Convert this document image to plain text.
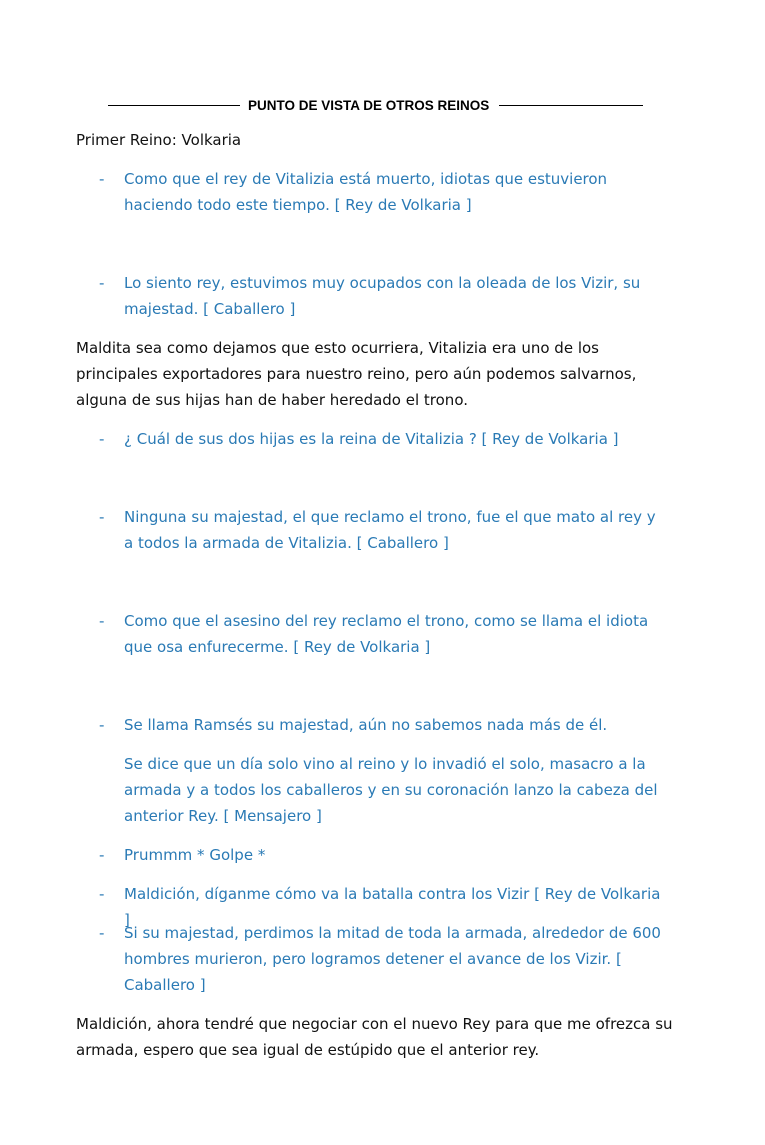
PUNTO DE VISTA DE OTROS REINOS
Primer Reino: Volkaria
- Como que el rey de Vitalizia está muerto, idiotas que estuvieron haciendo todo este tiempo. [ Rey de Volkaria ]
- Lo siento rey, estuvimos muy ocupados con la oleada de los Vizir, su majestad. [ Caballero ]
Maldita sea como dejamos que esto ocurriera, Vitalizia era uno de los principales exportadores para nuestro reino, pero aún podemos salvarnos, alguna de sus hijas han de haber heredado el trono.
- ¿ Cuál de sus dos hijas es la reina de Vitalizia ? [ Rey de Volkaria ]
- Ninguna su majestad, el que reclamo el trono, fue el que mato al rey y a todos la armada de Vitalizia. [ Caballero ]
- Como que el asesino del rey reclamo el trono, como se llama el idiota que osa enfurecerme. [ Rey de Volkaria ]
- Se llama Ramsés su majestad, aún no sabemos nada más de él.
Se dice que un día solo vino al reino y lo invadió el solo, masacro a la armada y a todos los caballeros y en su coronación lanzo la cabeza del anterior Rey. [ Mensajero ]
- Prummm * Golpe *
- Maldición, díganme cómo va la batalla contra los Vizir [ Rey de Volkaria ]
- Si su majestad, perdimos la mitad de toda la armada, alrededor de 600 hombres murieron, pero logramos detener el avance de los Vizir. [ Caballero ]
Maldición, ahora tendré que negociar con el nuevo Rey para que me ofrezca su armada, espero que sea igual de estúpido que el anterior rey.
